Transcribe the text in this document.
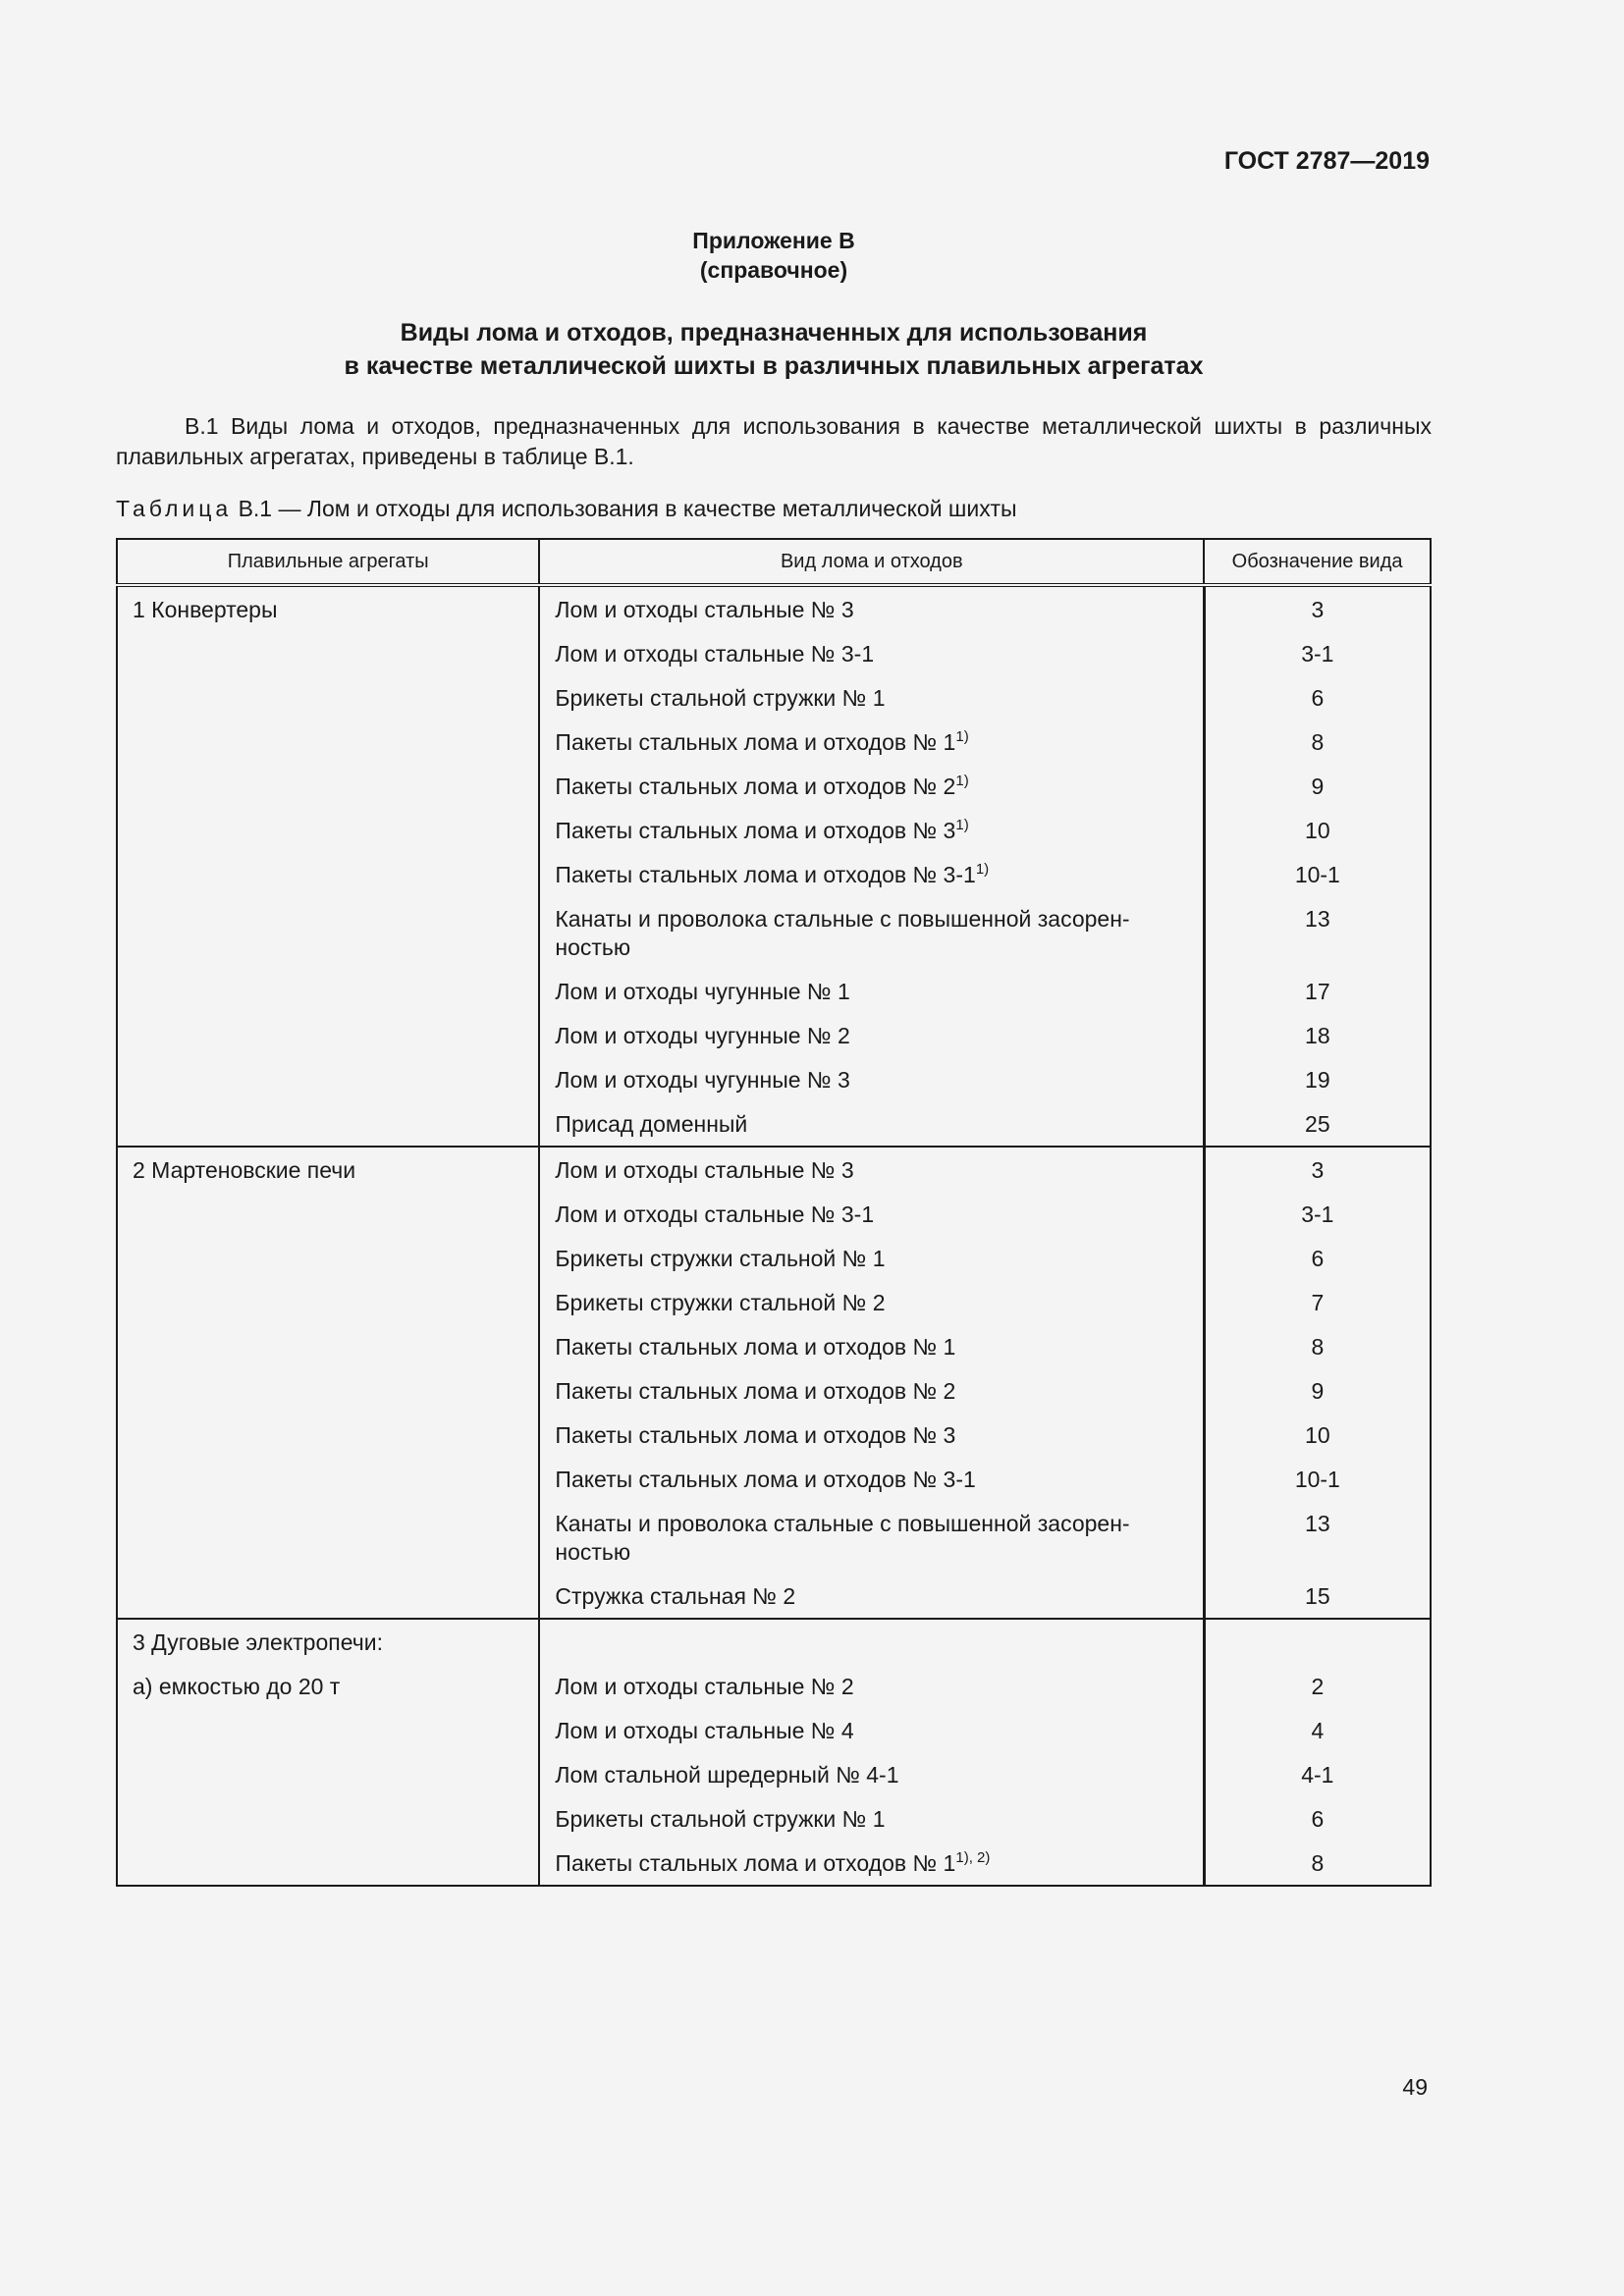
ГОСТ 2787—2019
Приложение В
(справочное)
Виды лома и отходов, предназначенных для использования
в качестве металлической шихты в различных плавильных агрегатах
В.1 Виды лома и отходов, предназначенных для использования в качестве металлической шихты в различных плавильных агрегатах, приведены в таблице В.1.
Таблица В.1 — Лом и отходы для использования в качестве металлической шихты
Плавильные агрегаты	Вид лома и отходов	Обозначение вида
1 Конвертеры	Лом и отходы стальные № 3	3
	Лом и отходы стальные № 3-1	3-1
	Брикеты стальной стружки № 1	6
	Пакеты стальных лома и отходов № 1$^{1)}$	8
	Пакеты стальных лома и отходов № 2$^{1)}$	9
	Пакеты стальных лома и отходов № 3$^{1)}$	10
	Пакеты стальных лома и отходов № 3-1$^{1)}$	10-1
	Канаты и проволока стальные с повышенной засорен-ностью	13
	Лом и отходы чугунные № 1	17
	Лом и отходы чугунные № 2	18
	Лом и отходы чугунные № 3	19
	Присад доменный	25
2 Мартеновские печи	Лом и отходы стальные № 3	3
	Лом и отходы стальные № 3-1	3-1
	Брикеты стружки стальной № 1	6
	Брикеты стружки стальной № 2	7
	Пакеты стальных лома и отходов № 1	8
	Пакеты стальных лома и отходов № 2	9
	Пакеты стальных лома и отходов № 3	10
	Пакеты стальных лома и отходов № 3-1	10-1
	Канаты и проволока стальные с повышенной засорен-ностью	13
	Стружка стальная № 2	15
3 Дуговые электропечи:		
а) емкостью до 20 т	Лом и отходы стальные № 2	2
	Лом и отходы стальные № 4	4
	Лом стальной шредерный № 4-1	4-1
	Брикеты стальной стружки № 1	6
	Пакеты стальных лома и отходов № $1^{1), 2)}$	8
49
